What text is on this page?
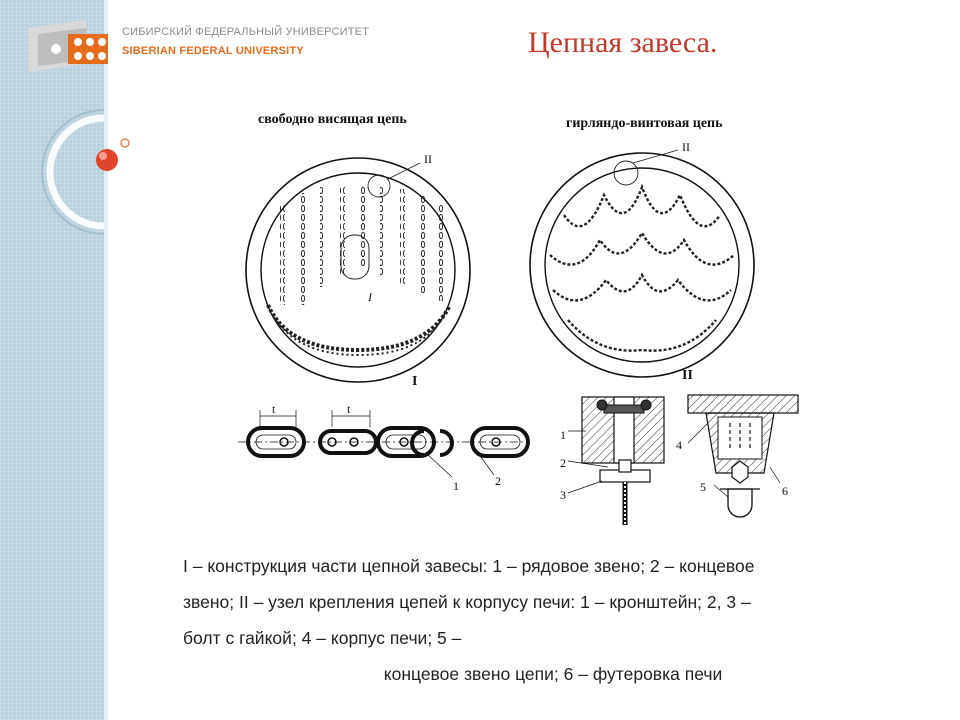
СИБИРСКИЙ ФЕДЕРАЛЬНЫЙ УНИВЕРСИТЕТ
SIBERIAN FEDERAL UNIVERSITY	Цепная завеса.
свободно висящая цепь	гирляндо-винтовая цепь
II
I
II
I	II
t	t
1	2
1
2
3
4
5	6

I – конструкция части цепной завесы: 1 – рядовое звено; 2 – концевое

звено; II – узел крепления цепей к корпусу печи: 1 – кронштейн; 2, 3 –

болт с гайкой; 4 – корпус печи; 5 –

концевое звено цепи; 6 – футеровка печи
